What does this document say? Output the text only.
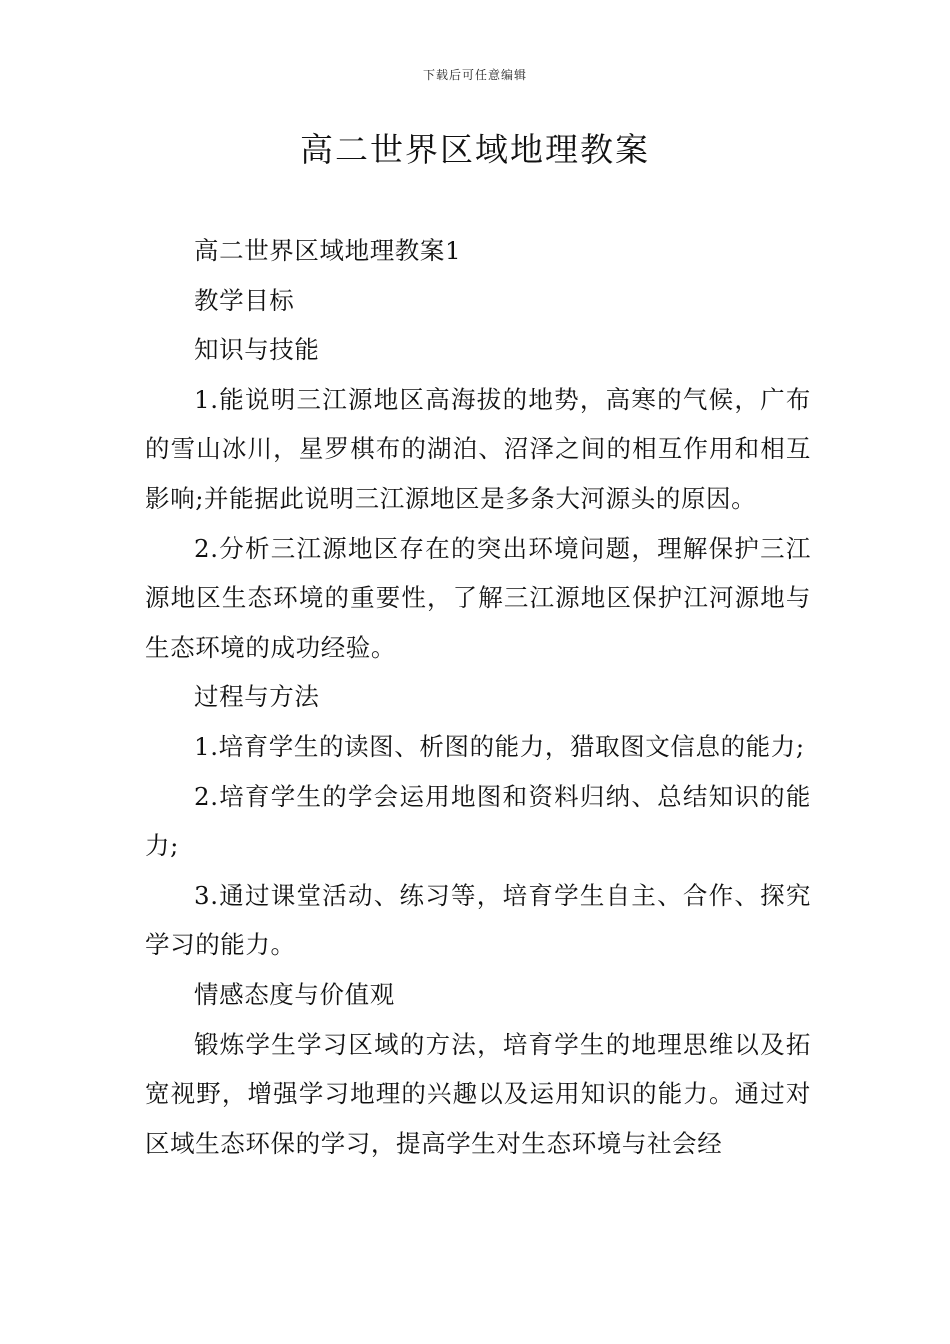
下载后可任意编辑
高二世界区域地理教案

高二世界区域地理教案1

教学目标

知识与技能

1.能说明三江源地区高海拔的地势，高寒的气候，广布的雪山冰川，星罗棋布的湖泊、沼泽之间的相互作用和相互影响;并能据此说明三江源地区是多条大河源头的原因。

2.分析三江源地区存在的突出环境问题，理解保护三江源地区生态环境的重要性，了解三江源地区保护江河源地与生态环境的成功经验。

过程与方法

1.培育学生的读图、析图的能力，猎取图文信息的能力;

2.培育学生的学会运用地图和资料归纳、总结知识的能力;

3.通过课堂活动、练习等，培育学生自主、合作、探究学习的能力。

情感态度与价值观

锻炼学生学习区域的方法，培育学生的地理思维以及拓宽视野，增强学习地理的兴趣以及运用知识的能力。通过对区域生态环保的学习，提高学生对生态环境与社会经
